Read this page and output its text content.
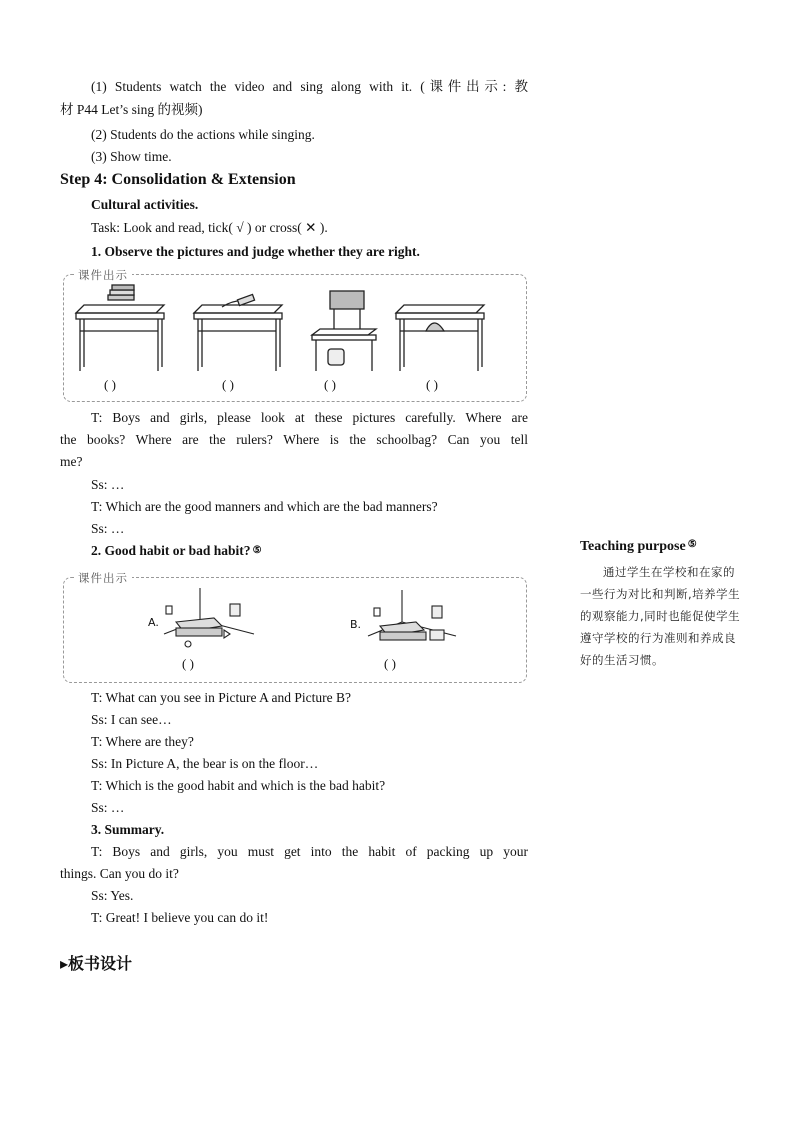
(1) Students watch the video and sing along with it. (课件出示: 教
材 P44 Let’s sing 的视频)
(2) Students do the actions while singing.
(3) Show time.
Step 4: Consolidation & Extension
Cultural activities.
Task: Look and read, tick( √ ) or cross( ✕ ).
1. Observe the pictures and judge whether they are right.
课件出示
( )	( )	( )	( )
T: Boys and girls, please look at these pictures carefully. Where are
the books? Where are the rulers? Where is the schoolbag? Can you tell
me?
Ss: …
T: Which are the good manners and which are the bad manners?
Ss: …
2. Good habit or bad habit? ⑤
课件出示
A.	B.
( )	( )
T: What can you see in Picture A and Picture B?
Ss: I can see…
T: Where are they?
Ss: In Picture A, the bear is on the floor…
T: Which is the good habit and which is the bad habit?
Ss: …
3. Summary.
T: Boys and girls, you must get into the habit of packing up your
things. Can you do it?
Ss: Yes.
T: Great! I believe you can do it!
▸板书设计
Teaching purpose ⑤
通过学生在学校和在家的一些行为对比和判断,培养学生的观察能力,同时也能促使学生遵守学校的行为准则和养成良好的生活习惯。
